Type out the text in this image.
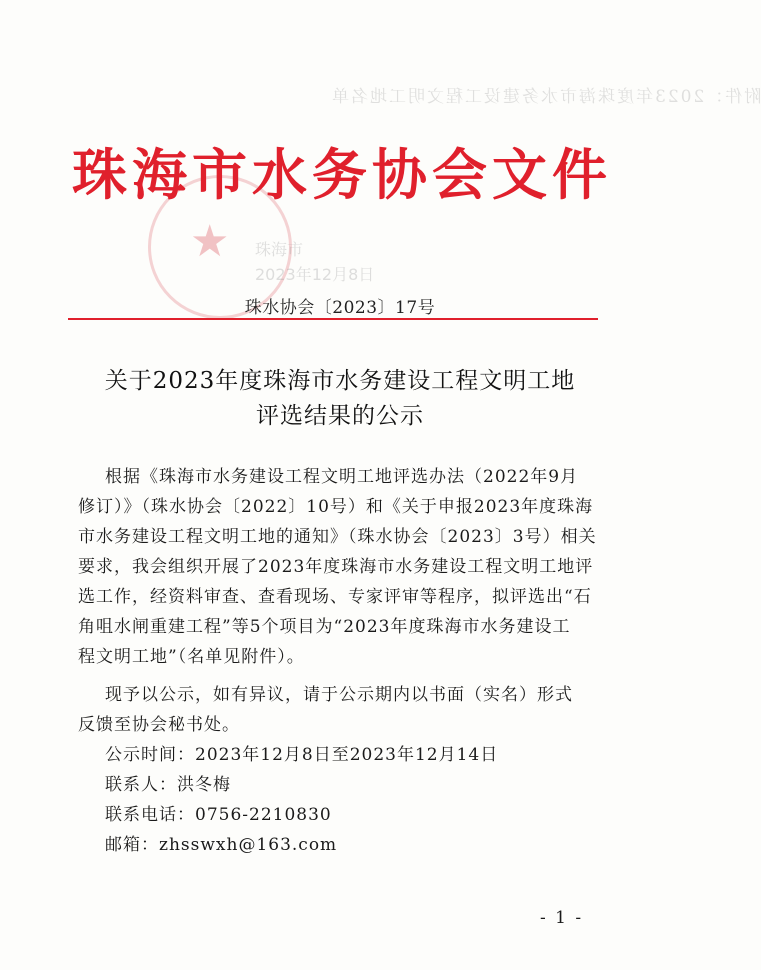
附件：2023年度珠海市水务建设工程文明工地名单
★ 珠海市
2023年12月8日
珠海市水务协会文件
珠水协会〔2023〕17号
关于2023年度珠海市水务建设工程文明工地
评选结果的公示
根据《珠海市水务建设工程文明工地评选办法（2022年9月
修订）》（珠水协会〔2022〕10号）和《关于申报2023年度珠海
市水务建设工程文明工地的通知》（珠水协会〔2023〕3号）相关
要求，我会组织开展了2023年度珠海市水务建设工程文明工地评
选工作，经资料审查、查看现场、专家评审等程序，拟评选出“石
角咀水闸重建工程”等5个项目为“2023年度珠海市水务建设工
程文明工地”（名单见附件）。
现予以公示，如有异议，请于公示期内以书面（实名）形式
反馈至协会秘书处。
公示时间：2023年12月8日至2023年12月14日
联系人：洪冬梅
联系电话：0756-2210830
邮箱：zhsswxh@163.com
- 1 -
